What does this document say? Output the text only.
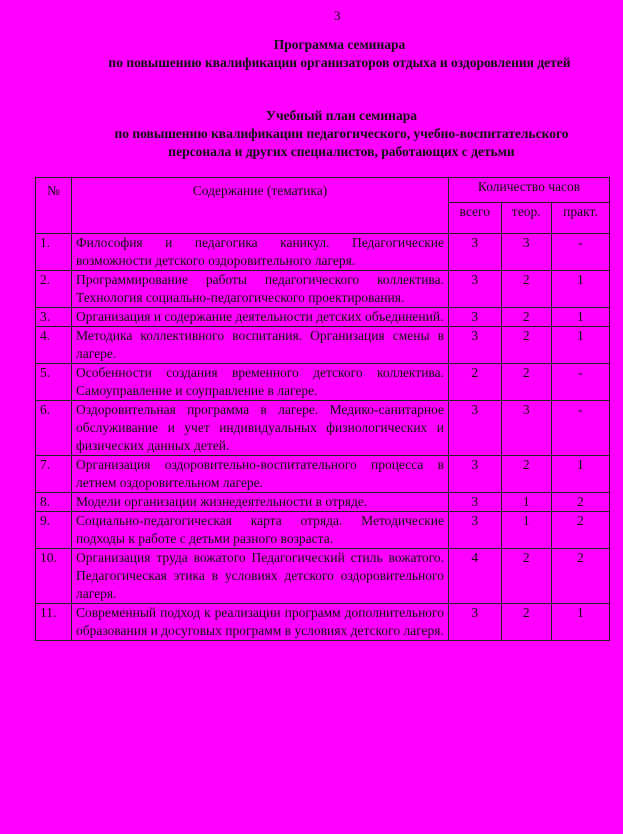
3
Программа семинара
по повышению квалификации организаторов отдыха и оздоровления детей
Учебный план семинара
по повышению квалификации педагогического, учебно-воспитательского
персонала и других специалистов, работающих с детьми
№	Содержание (тематика)	Количество часов		
		всего	теор.	практ.
1.	Философия и педагогика каникул. Педагогические возможности детского оздоровительного лагеря.	3	3	-
2.	Программирование работы педагогического коллектива. Технология социально-педагогического проектирования.	3	2	1
3.	Организация и содержание деятельности детских объединений.	3	2	1
4.	Методика коллективного воспитания. Организация смены в лагере.	3	2	1
5.	Особенности создания временного детского коллектива. Самоуправление и соуправление в лагере.	2	2	-
6.	Оздоровительная программа в лагере. Медико-санитарное обслуживание и учет индивидуальных физиологических и физических данных детей.	3	3	-
7.	Организация оздоровительно-воспитательного процесса в летнем оздоровительном лагере.	3	2	1
8.	Модели организации жизнедеятельности в отряде.	3	1	2
9.	Социально-педагогическая карта отряда. Методические подходы к работе с детьми разного возраста.	3	1	2
10.	Организация труда вожатого Педагогический стиль вожатого. Педагогическая этика в условиях детского оздоровительного лагеря.	4	2	2
11.	Современный подход к реализации программ дополнительного образования и досуговых программ в условиях детского лагеря.	3	2	1
